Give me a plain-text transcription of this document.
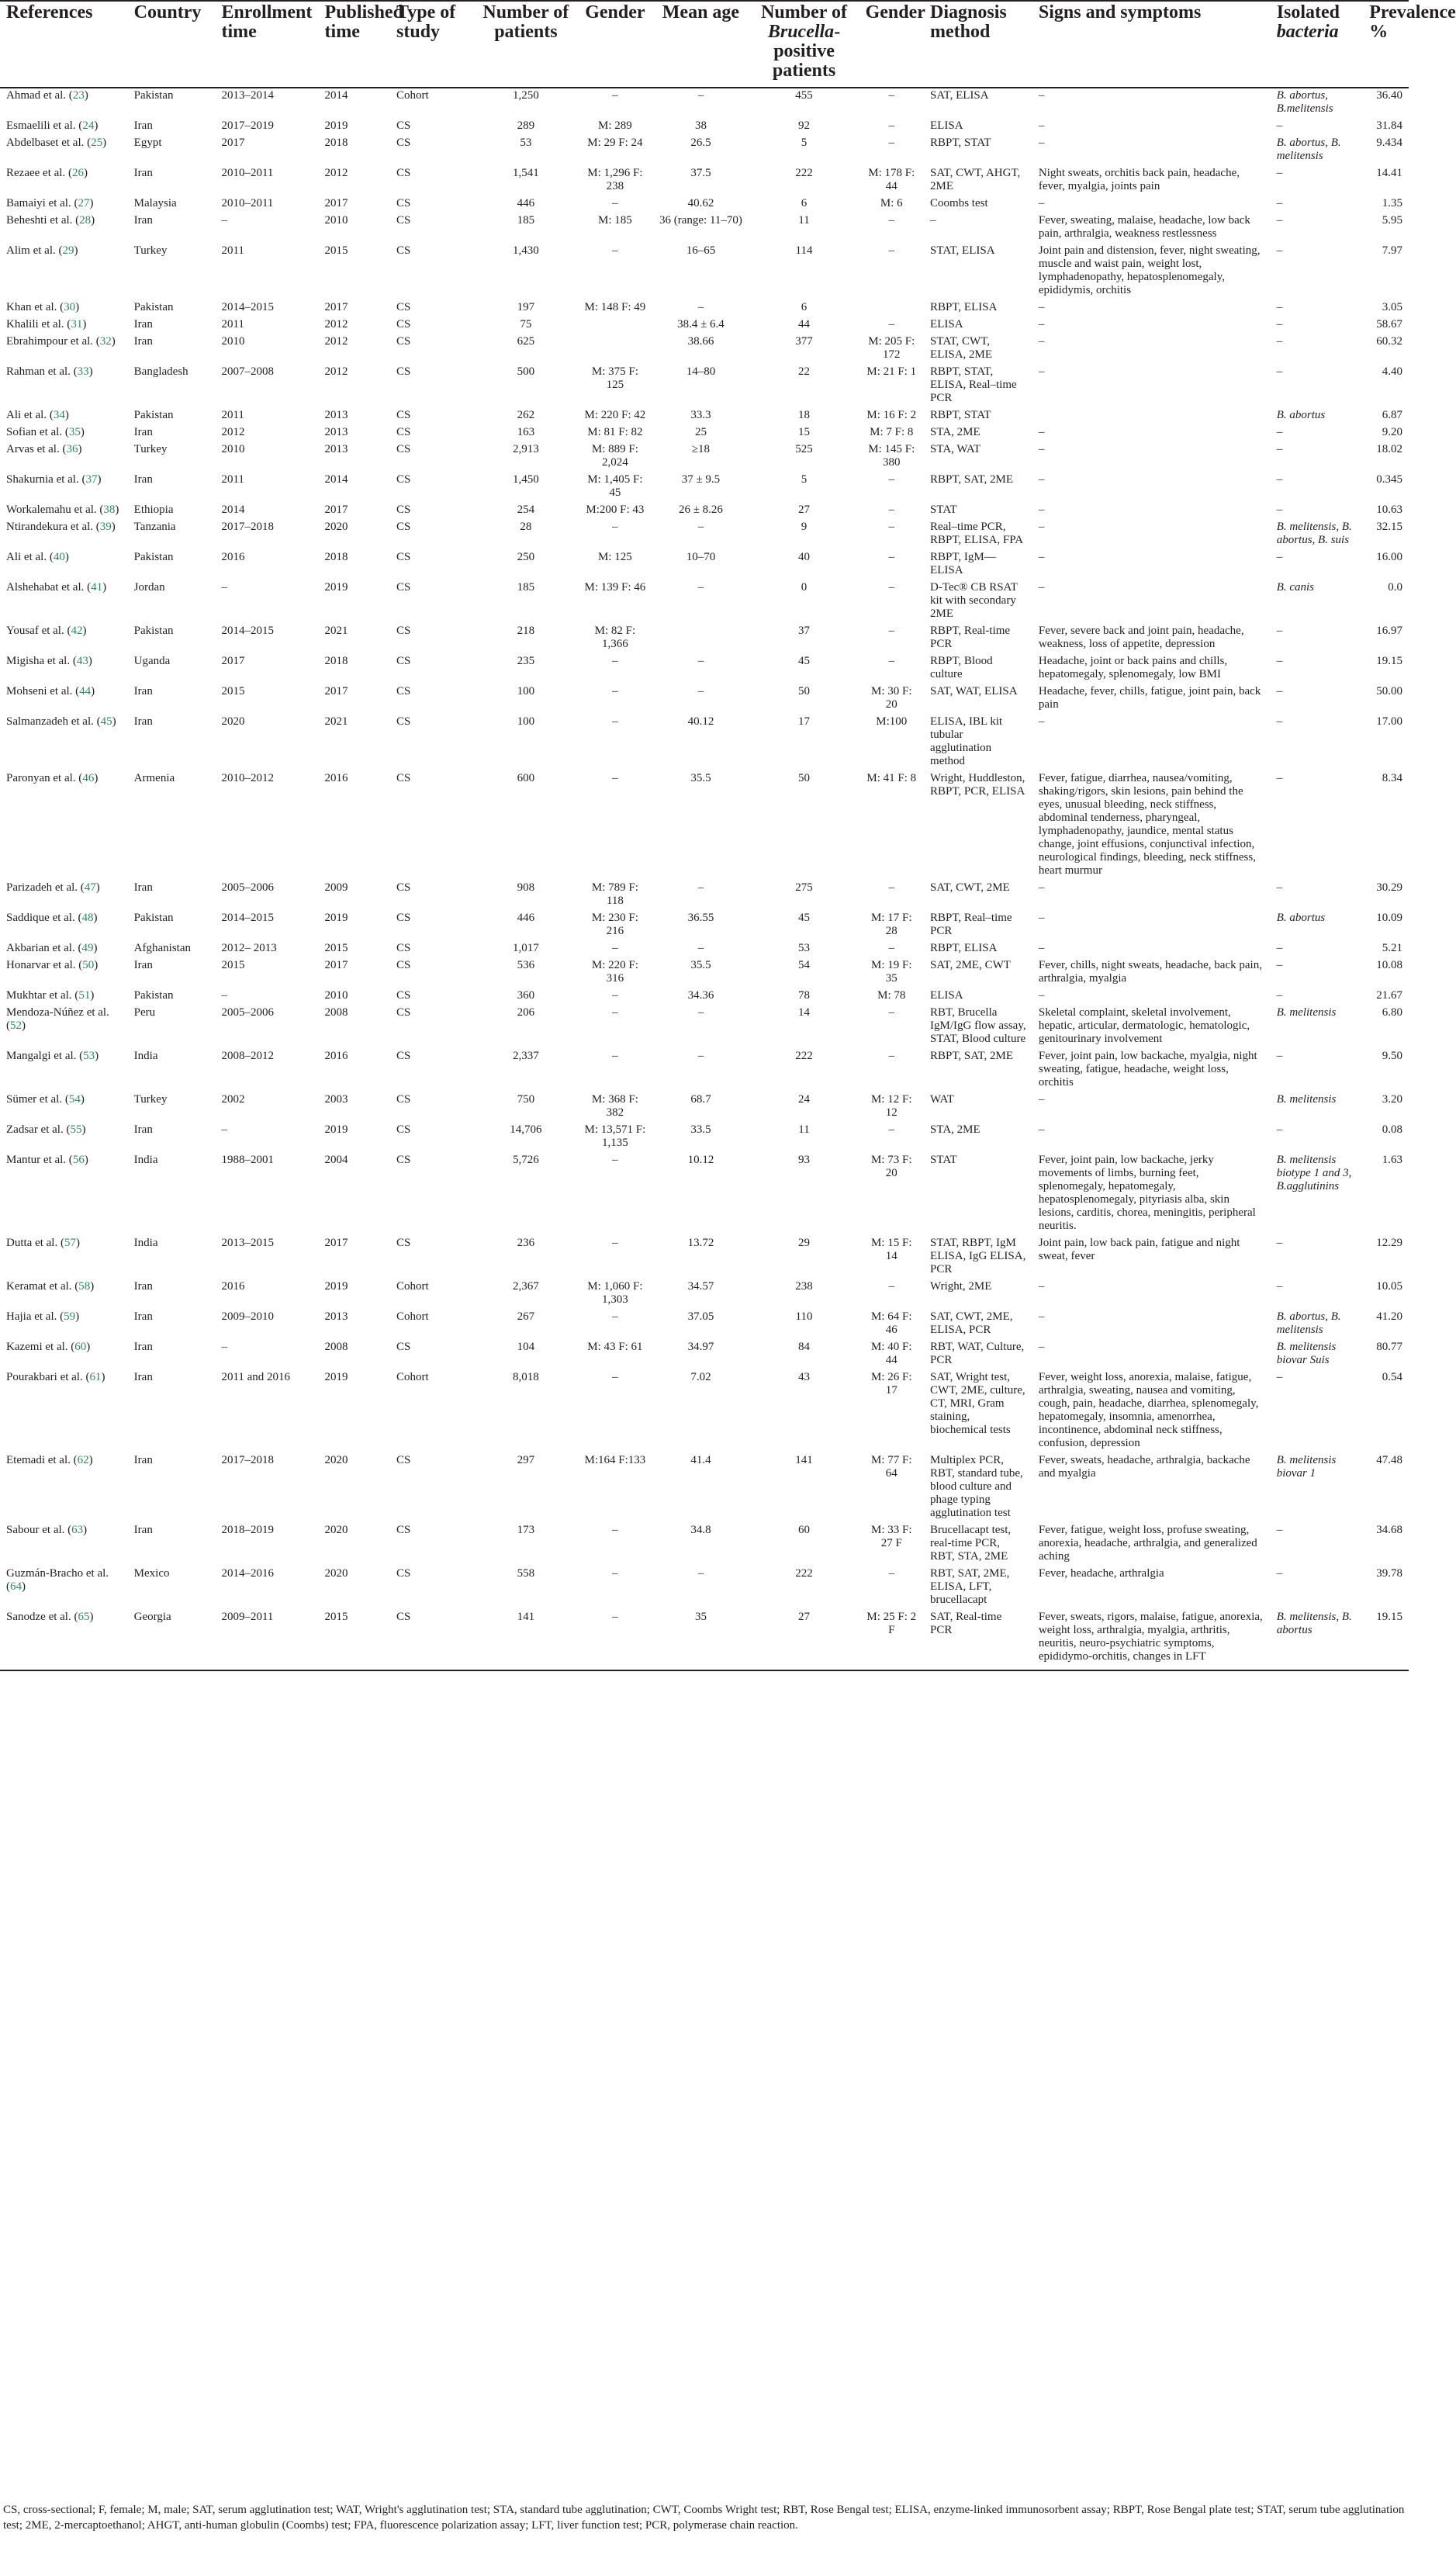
References	Country	Enrollment time	Published time	Type of study	Number of patients	Gender	Mean age	Number of Brucella-positive patients	Gender	Diagnosis method	Signs and symptoms	Isolated bacteria	Prevalence %
Ahmad et al. (23)	Pakistan	2013–2014	2014	Cohort	1,250	–	–	455	–	SAT, ELISA	–	B. abortus, B.melitensis	36.40
Esmaelili et al. (24)	Iran	2017–2019	2019	CS	289	M: 289	38	92	–	ELISA	–	–	31.84
Abdelbaset et al. (25)	Egypt	2017	2018	CS	53	M: 29 F: 24	26.5	5	–	RBPT, STAT	–	B. abortus, B. melitensis	9.434
Rezaee et al. (26)	Iran	2010–2011	2012	CS	1,541	M: 1,296 F: 238	37.5	222	M: 178 F: 44	SAT, CWT, AHGT, 2ME	Night sweats, orchitis back pain, headache, fever, myalgia, joints pain	–	14.41
Bamaiyi et al. (27)	Malaysia	2010–2011	2017	CS	446	–	40.62	6	M: 6	Coombs test	–	–	1.35
Beheshti et al. (28)	Iran	–	2010	CS	185	M: 185	36 (range: 11–70)	11	–	–	Fever, sweating, malaise, headache, low back pain, arthralgia, weakness restlessness	–	5.95
Alim et al. (29)	Turkey	2011	2015	CS	1,430	–	16–65	114	–	STAT, ELISA	Joint pain and distension, fever, night sweating, muscle and waist pain, weight lost, lymphadenopathy, hepatosplenomegaly, epididymis, orchitis	–	7.97
Khan et al. (30)	Pakistan	2014–2015	2017	CS	197	M: 148 F: 49	–	6		RBPT, ELISA	–	–	3.05
Khalili et al. (31)	Iran	2011	2012	CS	75		38.4 ± 6.4	44	–	ELISA	–	–	58.67
Ebrahimpour et al. (32)	Iran	2010	2012	CS	625		38.66	377	M: 205 F: 172	STAT, CWT, ELISA, 2ME	–	–	60.32
Rahman et al. (33)	Bangladesh	2007–2008	2012	CS	500	M: 375 F: 125	14–80	22	M: 21 F: 1	RBPT, STAT, ELISA, Real–time PCR	–	–	4.40
Ali et al. (34)	Pakistan	2011	2013	CS	262	M: 220 F: 42	33.3	18	M: 16 F: 2	RBPT, STAT		B. abortus	6.87
Sofian et al. (35)	Iran	2012	2013	CS	163	M: 81 F: 82	25	15	M: 7 F: 8	STA, 2ME	–	–	9.20
Arvas et al. (36)	Turkey	2010	2013	CS	2,913	M: 889 F: 2,024	≥18	525	M: 145 F: 380	STA, WAT	–	–	18.02
Shakurnia et al. (37)	Iran	2011	2014	CS	1,450	M: 1,405 F: 45	37 ± 9.5	5	–	RBPT, SAT, 2ME	–	–	0.345
Workalemahu et al. (38)	Ethiopia	2014	2017	CS	254	M:200 F: 43	26 ± 8.26	27	–	STAT	–	–	10.63
Ntirandekura et al. (39)	Tanzania	2017–2018	2020	CS	28	–	–	9	–	Real–time PCR, RBPT, ELISA, FPA	–	B. melitensis, B. abortus, B. suis	32.15
Ali et al. (40)	Pakistan	2016	2018	CS	250	M: 125	10–70	40	–	RBPT, IgM—ELISA	–	–	16.00
Alshehabat et al. (41)	Jordan	–	2019	CS	185	M: 139 F: 46	–	0	–	D-Tec® CB RSAT kit with secondary 2ME	–	B. canis	0.0
Yousaf et al. (42)	Pakistan	2014–2015	2021	CS	218	M: 82 F: 1,366		37	–	RBPT, Real-time PCR	Fever, severe back and joint pain, headache, weakness, loss of appetite, depression	–	16.97
Migisha et al. (43)	Uganda	2017	2018	CS	235	–	–	45	–	RBPT, Blood culture	Headache, joint or back pains and chills, hepatomegaly, splenomegaly, low BMI	–	19.15
Mohseni et al. (44)	Iran	2015	2017	CS	100	–	–	50	M: 30 F: 20	SAT, WAT, ELISA	Headache, fever, chills, fatigue, joint pain, back pain	–	50.00
Salmanzadeh et al. (45)	Iran	2020	2021	CS	100	–	40.12	17	M:100	ELISA, IBL kit tubular agglutination method	–	–	17.00
Paronyan et al. (46)	Armenia	2010–2012	2016	CS	600	–	35.5	50	M: 41 F: 8	Wright, Huddleston, RBPT, PCR, ELISA	Fever, fatigue, diarrhea, nausea/vomiting, shaking/rigors, skin lesions, pain behind the eyes, unusual bleeding, neck stiffness, abdominal tenderness, pharyngeal, lymphadenopathy, jaundice, mental status change, joint effusions, conjunctival infection, neurological findings, bleeding, neck stiffness, heart murmur	–	8.34
Parizadeh et al. (47)	Iran	2005–2006	2009	CS	908	M: 789 F: 118	–	275	–	SAT, CWT, 2ME	–	–	30.29
Saddique et al. (48)	Pakistan	2014–2015	2019	CS	446	M: 230 F: 216	36.55	45	M: 17 F: 28	RBPT, Real–time PCR	–	B. abortus	10.09
Akbarian et al. (49)	Afghanistan	2012– 2013	2015	CS	1,017	–	–	53	–	RBPT, ELISA	–	–	5.21
Honarvar et al. (50)	Iran	2015	2017	CS	536	M: 220 F: 316	35.5	54	M: 19 F: 35	SAT, 2ME, CWT	Fever, chills, night sweats, headache, back pain, arthralgia, myalgia	–	10.08
Mukhtar et al. (51)	Pakistan	–	2010	CS	360	–	34.36	78	M: 78	ELISA	–	–	21.67
Mendoza-Núñez et al. (52)	Peru	2005–2006	2008	CS	206	–	–	14	–	RBT, Brucella IgM/IgG flow assay, STAT, Blood culture	Skeletal complaint, skeletal involvement, hepatic, articular, dermatologic, hematologic, genitourinary involvement	B. melitensis	6.80
Mangalgi et al. (53)	India	2008–2012	2016	CS	2,337	–	–	222	–	RBPT, SAT, 2ME	Fever, joint pain, low backache, myalgia, night sweating, fatigue, headache, weight loss, orchitis	–	9.50
Sümer et al. (54)	Turkey	2002	2003	CS	750	M: 368 F: 382	68.7	24	M: 12 F: 12	WAT	–	B. melitensis	3.20
Zadsar et al. (55)	Iran	–	2019	CS	14,706	M: 13,571 F: 1,135	33.5	11	–	STA, 2ME	–	–	0.08
Mantur et al. (56)	India	1988–2001	2004	CS	5,726	–	10.12	93	M: 73 F: 20	STAT	Fever, joint pain, low backache, jerky movements of limbs, burning feet, splenomegaly, hepatomegaly, hepatosplenomegaly, pityriasis alba, skin lesions, carditis, chorea, meningitis, peripheral neuritis.	B. melitensis biotype 1 and 3, B.agglutinins	1.63
Dutta et al. (57)	India	2013–2015	2017	CS	236	–	13.72	29	M: 15 F: 14	STAT, RBPT, IgM ELISA, IgG ELISA, PCR	Joint pain, low back pain, fatigue and night sweat, fever	–	12.29
Keramat et al. (58)	Iran	2016	2019	Cohort	2,367	M: 1,060 F: 1,303	34.57	238	–	Wright, 2ME	–	–	10.05
Hajia et al. (59)	Iran	2009–2010	2013	Cohort	267	–	37.05	110	M: 64 F: 46	SAT, CWT, 2ME, ELISA, PCR	–	B. abortus, B. melitensis	41.20
Kazemi et al. (60)	Iran	–	2008	CS	104	M: 43 F: 61	34.97	84	M: 40 F: 44	RBT, WAT, Culture, PCR	–	B. melitensis biovar Suis	80.77
Pourakbari et al. (61)	Iran	2011 and 2016	2019	Cohort	8,018	–	7.02	43	M: 26 F: 17	SAT, Wright test, CWT, 2ME, culture, CT, MRI, Gram staining, biochemical tests	Fever, weight loss, anorexia, malaise, fatigue, arthralgia, sweating, nausea and vomiting, cough, pain, headache, diarrhea, splenomegaly, hepatomegaly, insomnia, amenorrhea, incontinence, abdominal neck stiffness, confusion, depression	–	0.54
Etemadi et al. (62)	Iran	2017–2018	2020	CS	297	M:164 F:133	41.4	141	M: 77 F: 64	Multiplex PCR, RBT, standard tube, blood culture and phage typing agglutination test	Fever, sweats, headache, arthralgia, backache and myalgia	B. melitensis biovar 1	47.48
Sabour et al. (63)	Iran	2018–2019	2020	CS	173	–	34.8	60	M: 33 F: 27 F	Brucellacapt test, real-time PCR, RBT, STA, 2ME	Fever, fatigue, weight loss, profuse sweating, anorexia, headache, arthralgia, and generalized aching	–	34.68
Guzmán-Bracho et al. (64)	Mexico	2014–2016	2020	CS	558	–	–	222	–	RBT, SAT, 2ME, ELISA, LFT, brucellacapt	Fever, headache, arthralgia	–	39.78
Sanodze et al. (65)	Georgia	2009–2011	2015	CS	141	–	35	27	M: 25 F: 2 F	SAT, Real-time PCR	Fever, sweats, rigors, malaise, fatigue, anorexia, weight loss, arthralgia, myalgia, arthritis, neuritis, neuro-psychiatric symptoms, epididymo-orchitis, changes in LFT	B. melitensis, B. abortus	19.15
CS, cross-sectional; F, female; M, male; SAT, serum agglutination test; WAT, Wright's agglutination test; STA, standard tube agglutination; CWT, Coombs Wright test; RBT, Rose Bengal test; ELISA, enzyme-linked immunosorbent assay; RBPT, Rose Bengal plate test; STAT, serum tube agglutination test; 2ME, 2-mercaptoethanol; AHGT, anti-human globulin (Coombs) test; FPA, fluorescence polarization assay; LFT, liver function test; PCR, polymerase chain reaction.
